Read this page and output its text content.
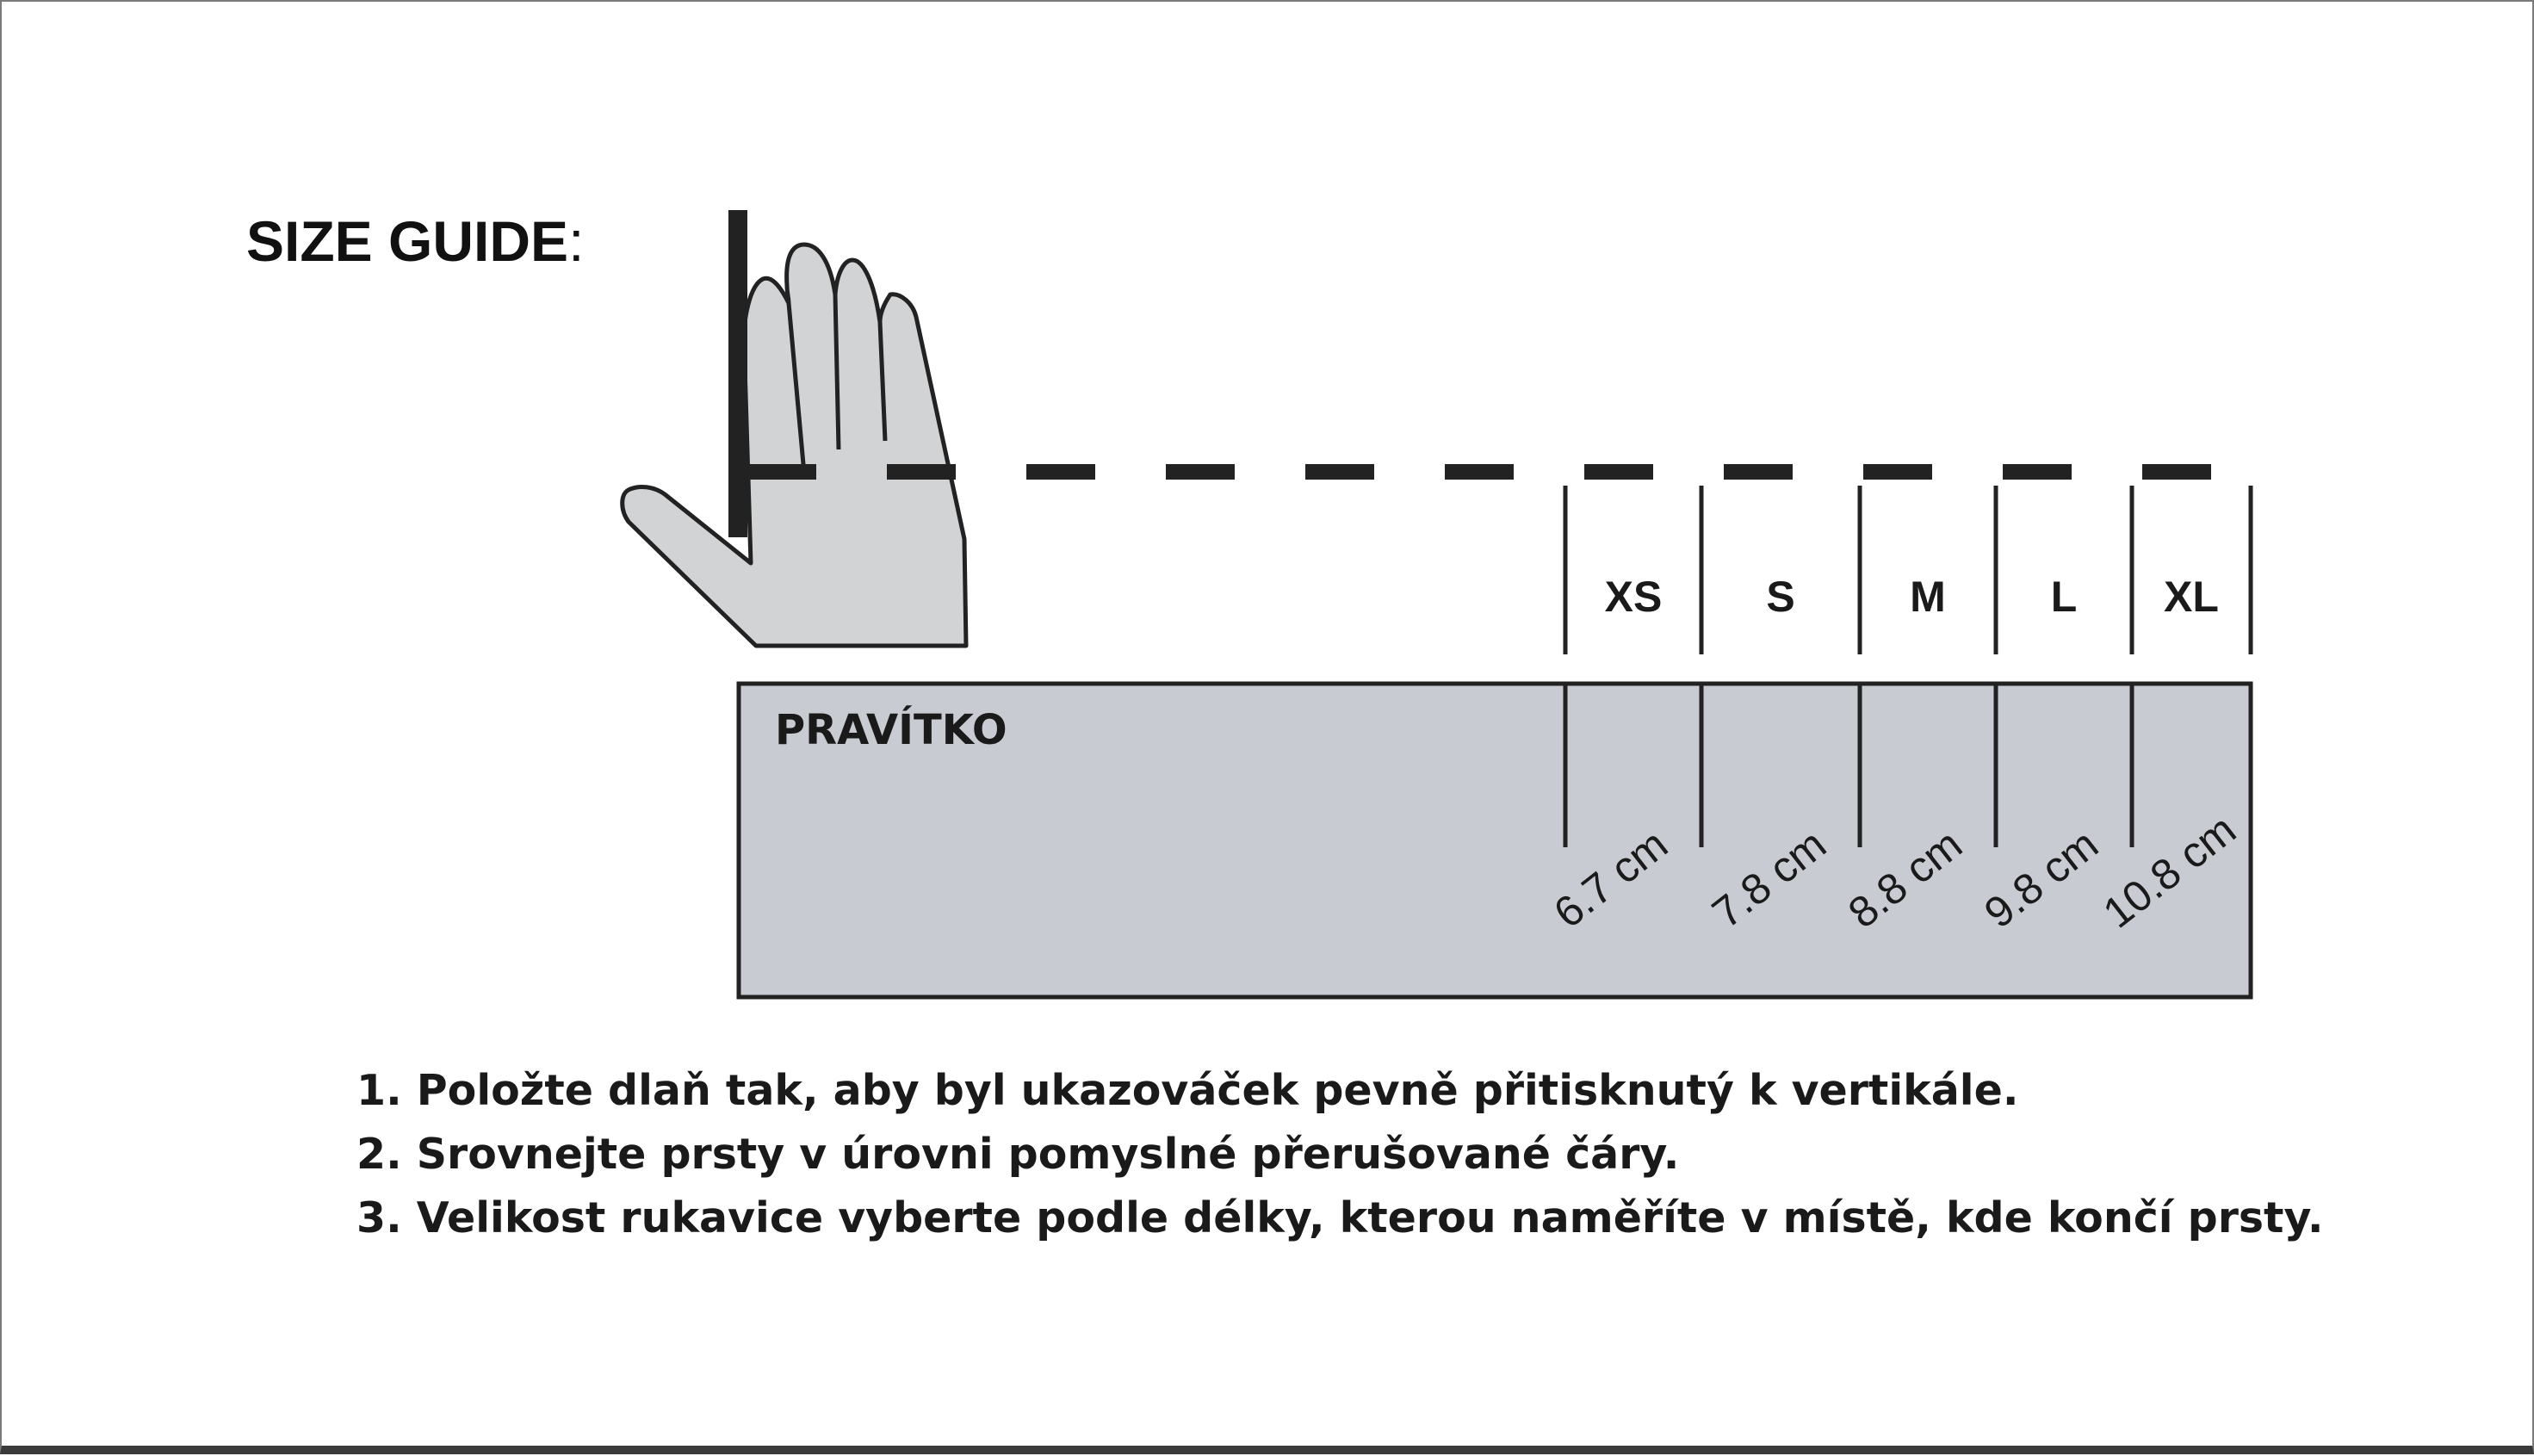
SIZE GUIDE:
PRAVÍTKO
XS
6.7 cm
S
7.8 cm
M
8.8 cm
L
9.8 cm
XL
10.8 cm
1. Položte dlaň tak, aby byl ukazováček pevně přitisknutý k vertikále.
2. Srovnejte prsty v úrovni pomyslné přerušované čáry.
3. Velikost rukavice vyberte podle délky, kterou naměříte v místě, kde končí prsty.
